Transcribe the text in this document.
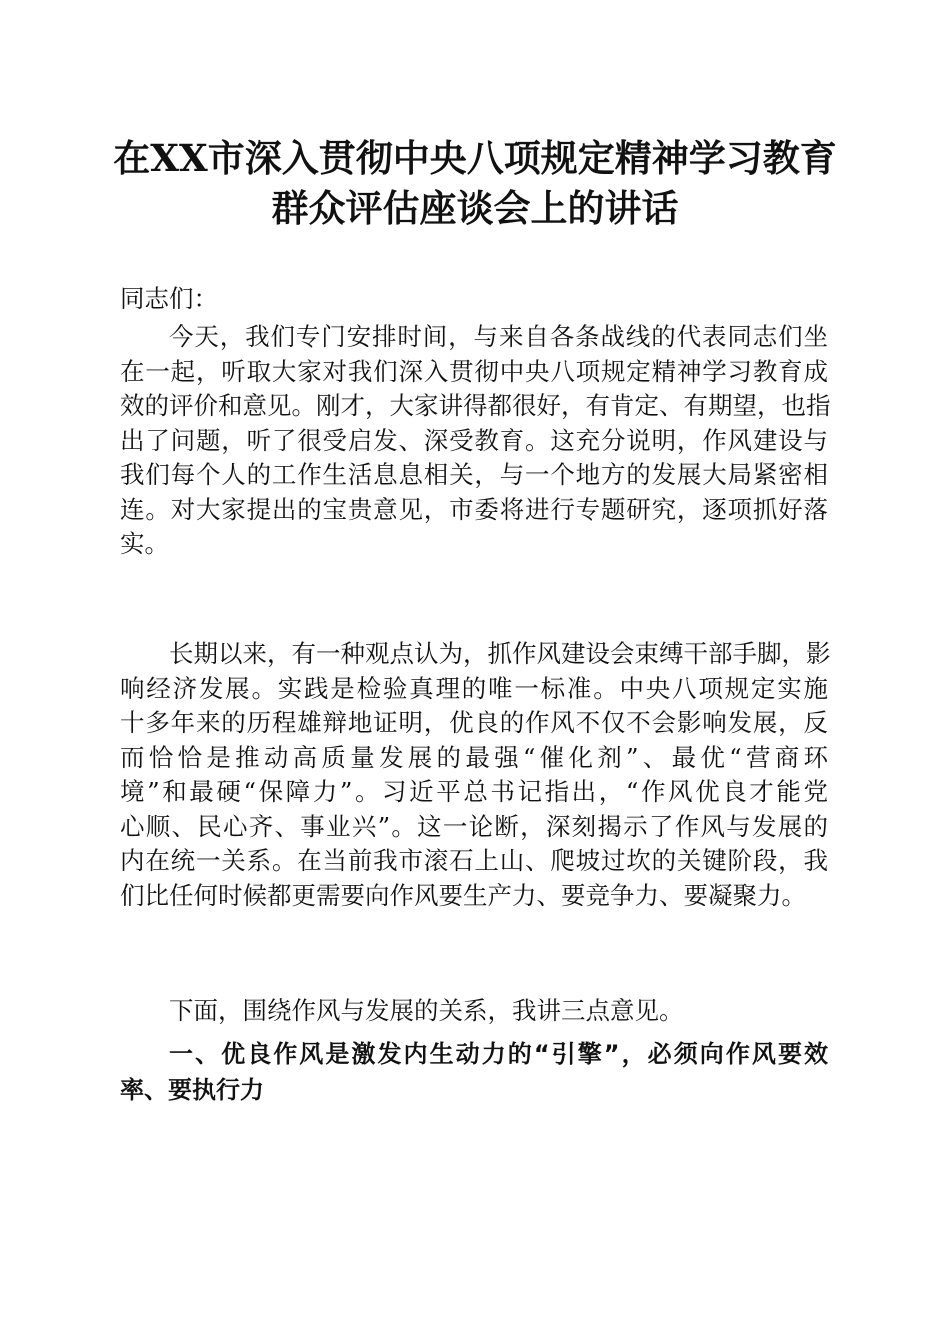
在XX市深入贯彻中央八项规定精神学习教育
群众评估座谈会上的讲话

同志们：

今天，我们专门安排时间，与来自各条战线的代表同志们坐
在一起，听取大家对我们深入贯彻中央八项规定精神学习教育成
效的评价和意见。刚才，大家讲得都很好，有肯定、有期望，也指
出了问题，听了很受启发、深受教育。这充分说明，作风建设与
我们每个人的工作生活息息相关，与一个地方的发展大局紧密相
连。对大家提出的宝贵意见，市委将进行专题研究，逐项抓好落
实。
长期以来，有一种观点认为，抓作风建设会束缚干部手脚，影
响经济发展。实践是检验真理的唯一标准。中央八项规定实施
十多年来的历程雄辩地证明，优良的作风不仅不会影响发展，反
而恰恰是推动高质量发展的最强“催化剂”、最优“营商环
境”和最硬“保障力”。习近平总书记指出，“作风优良才能党
心顺、民心齐、事业兴”。这一论断，深刻揭示了作风与发展的
内在统一关系。在当前我市滚石上山、爬坡过坎的关键阶段，我
们比任何时候都更需要向作风要生产力、要竞争力、要凝聚力。
下面，围绕作风与发展的关系，我讲三点意见。
一、优良作风是激发内生动力的“引擎”，必须向作风要效
率、要执行力
